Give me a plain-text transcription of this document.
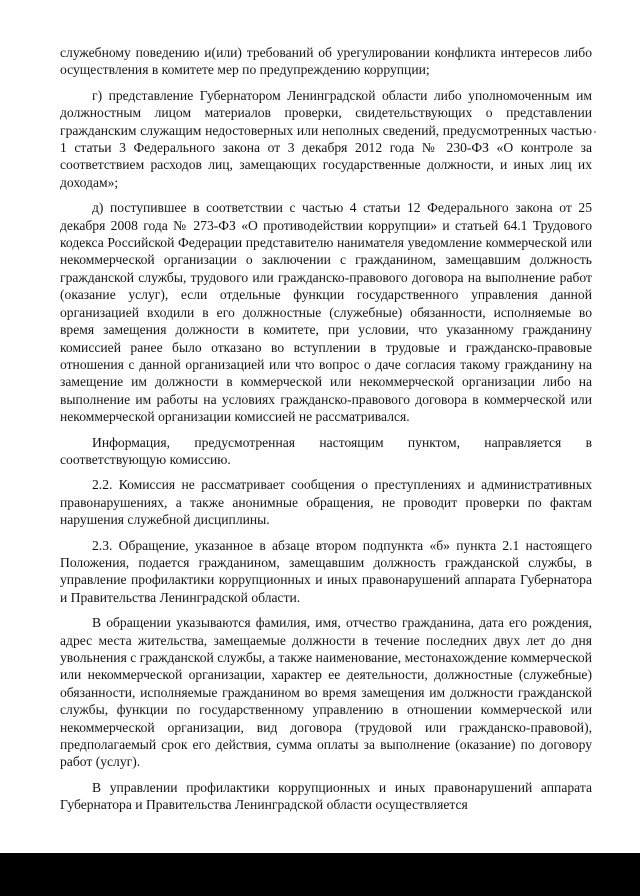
служебному поведению и(или) требований об урегулировании конфликта интересов либо осуществления в комитете мер по предупреждению коррупции;

г) представление Губернатором Ленинградской области либо уполномоченным им должностным лицом материалов проверки, свидетельствующих о представлении гражданским служащим недостоверных или неполных сведений, предусмотренных частью 1 статьи 3 Федерального закона от 3 декабря 2012 года № 230-ФЗ «О контроле за соответствием расходов лиц, замещающих государственные должности, и иных лиц их доходам»;

д) поступившее в соответствии с частью 4 статьи 12 Федерального закона от 25 декабря 2008 года № 273-ФЗ «О противодействии коррупции» и статьей 64.1 Трудового кодекса Российской Федерации представителю нанимателя уведомление коммерческой или некоммерческой организации о заключении с гражданином, замещавшим должность гражданской службы, трудового или гражданско-правового договора на выполнение работ (оказание услуг), если отдельные функции государственного управления данной организацией входили в его должностные (служебные) обязанности, исполняемые во время замещения должности в комитете, при условии, что указанному гражданину комиссией ранее было отказано во вступлении в трудовые и гражданско-правовые отношения с данной организацией или что вопрос о даче согласия такому гражданину на замещение им должности в коммерческой или некоммерческой организации либо на выполнение им работы на условиях гражданско-правового договора в коммерческой или некоммерческой организации комиссией не рассматривался.

Информация, предусмотренная настоящим пунктом, направляется в соответствующую комиссию.

2.2. Комиссия не рассматривает сообщения о преступлениях и административных правонарушениях, а также анонимные обращения, не проводит проверки по фактам нарушения служебной дисциплины.

2.3. Обращение, указанное в абзаце втором подпункта «б» пункта 2.1 настоящего Положения, подается гражданином, замещавшим должность гражданской службы, в управление профилактики коррупционных и иных правонарушений аппарата Губернатора и Правительства Ленинградской области.

В обращении указываются фамилия, имя, отчество гражданина, дата его рождения, адрес места жительства, замещаемые должности в течение последних двух лет до дня увольнения с гражданской службы, а также наименование, местонахождение коммерческой или некоммерческой организации, характер ее деятельности, должностные (служебные) обязанности, исполняемые гражданином во время замещения им должности гражданской службы, функции по государственному управлению в отношении коммерческой или некоммерческой организации, вид договора (трудовой или гражданско-правовой), предполагаемый срок его действия, сумма оплаты за выполнение (оказание) по договору работ (услуг).

В управлении профилактики коррупционных и иных правонарушений аппарата Губернатора и Правительства Ленинградской области осуществляется
